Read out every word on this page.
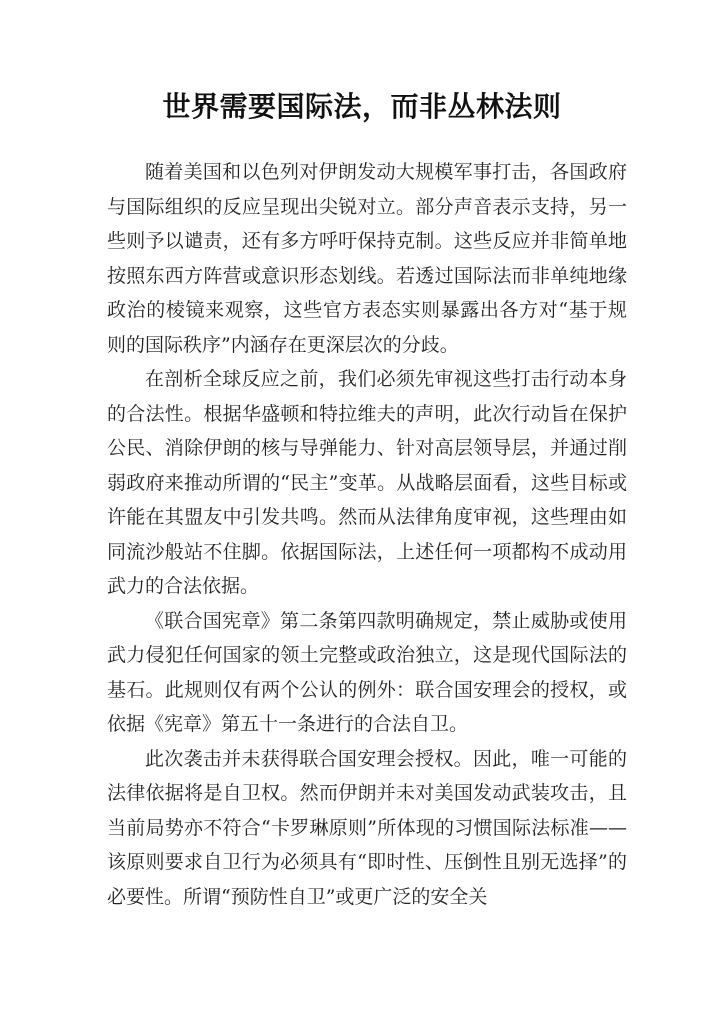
世界需要国际法，而非丛林法则

随着美国和以色列对伊朗发动大规模军事打击，各国政府与国际组织的反应呈现出尖锐对立。部分声音表示支持，另一些则予以谴责，还有多方呼吁保持克制。这些反应并非简单地按照东西方阵营或意识形态划线。若透过国际法而非单纯地缘政治的棱镜来观察，这些官方表态实则暴露出各方对“基于规则的国际秩序”内涵存在更深层次的分歧。

在剖析全球反应之前，我们必须先审视这些打击行动本身的合法性。根据华盛顿和特拉维夫的声明，此次行动旨在保护公民、消除伊朗的核与导弹能力、针对高层领导层，并通过削弱政府来推动所谓的“民主”变革。从战略层面看，这些目标或许能在其盟友中引发共鸣。然而从法律角度审视，这些理由如同流沙般站不住脚。依据国际法，上述任何一项都构不成动用武力的合法依据。

《联合国宪章》第二条第四款明确规定，禁止威胁或使用武力侵犯任何国家的领土完整或政治独立，这是现代国际法的基石。此规则仅有两个公认的例外：联合国安理会的授权，或依据《宪章》第五十一条进行的合法自卫。

此次袭击并未获得联合国安理会授权。因此，唯一可能的法律依据将是自卫权。然而伊朗并未对美国发动武装攻击，且当前局势亦不符合“卡罗琳原则”所体现的习惯国际法标准——该原则要求自卫行为必须具有“即时性、压倒性且别无选择”的必要性。所谓“预防性自卫”或更广泛的安全关
